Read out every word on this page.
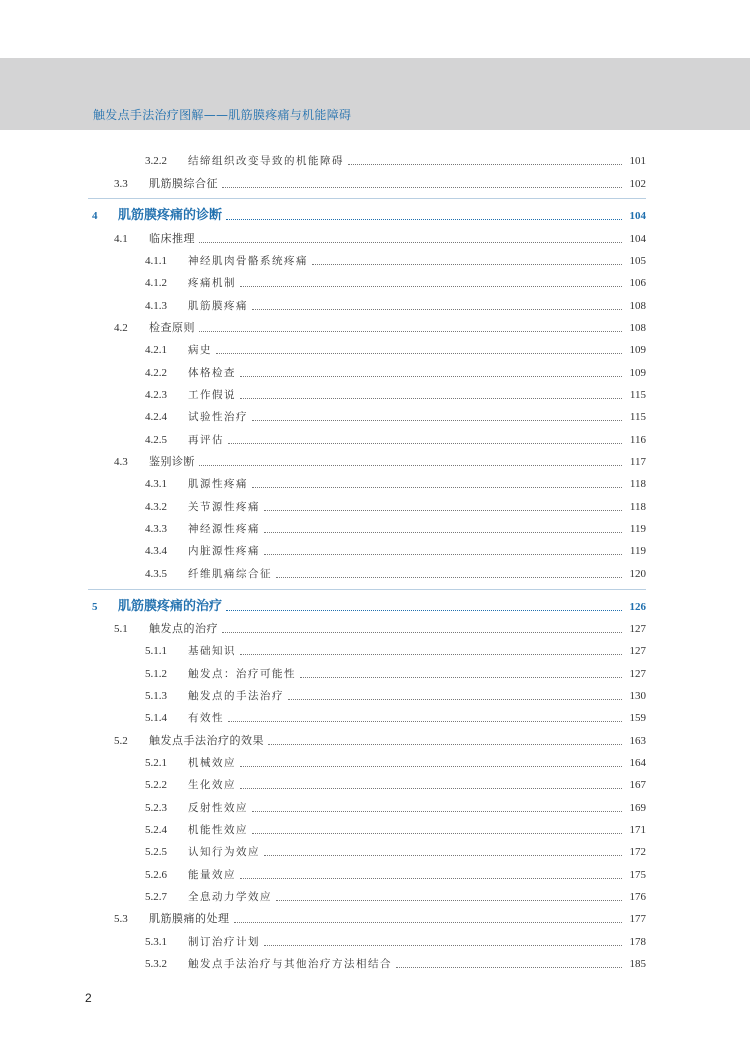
触发点手法治疗图解——肌筋膜疼痛与机能障碍
3.2.2	结缔组织改变导致的机能障碍	101
3.3	肌筋膜综合征	102
4	肌筋膜疼痛的诊断	104
4.1	临床推理	104
4.1.1	神经肌肉骨骼系统疼痛	105
4.1.2	疼痛机制	106
4.1.3	肌筋膜疼痛	108
4.2	检查原则	108
4.2.1	病史	109
4.2.2	体格检查	109
4.2.3	工作假说	115
4.2.4	试验性治疗	115
4.2.5	再评估	116
4.3	鉴别诊断	117
4.3.1	肌源性疼痛	118
4.3.2	关节源性疼痛	118
4.3.3	神经源性疼痛	119
4.3.4	内脏源性疼痛	119
4.3.5	纤维肌痛综合征	120
5	肌筋膜疼痛的治疗	126
5.1	触发点的治疗	127
5.1.1	基础知识	127
5.1.2	触发点：治疗可能性	127
5.1.3	触发点的手法治疗	130
5.1.4	有效性	159
5.2	触发点手法治疗的效果	163
5.2.1	机械效应	164
5.2.2	生化效应	167
5.2.3	反射性效应	169
5.2.4	机能性效应	171
5.2.5	认知行为效应	172
5.2.6	能量效应	175
5.2.7	全息动力学效应	176
5.3	肌筋膜痛的处理	177
5.3.1	制订治疗计划	178
5.3.2	触发点手法治疗与其他治疗方法相结合	185
2
